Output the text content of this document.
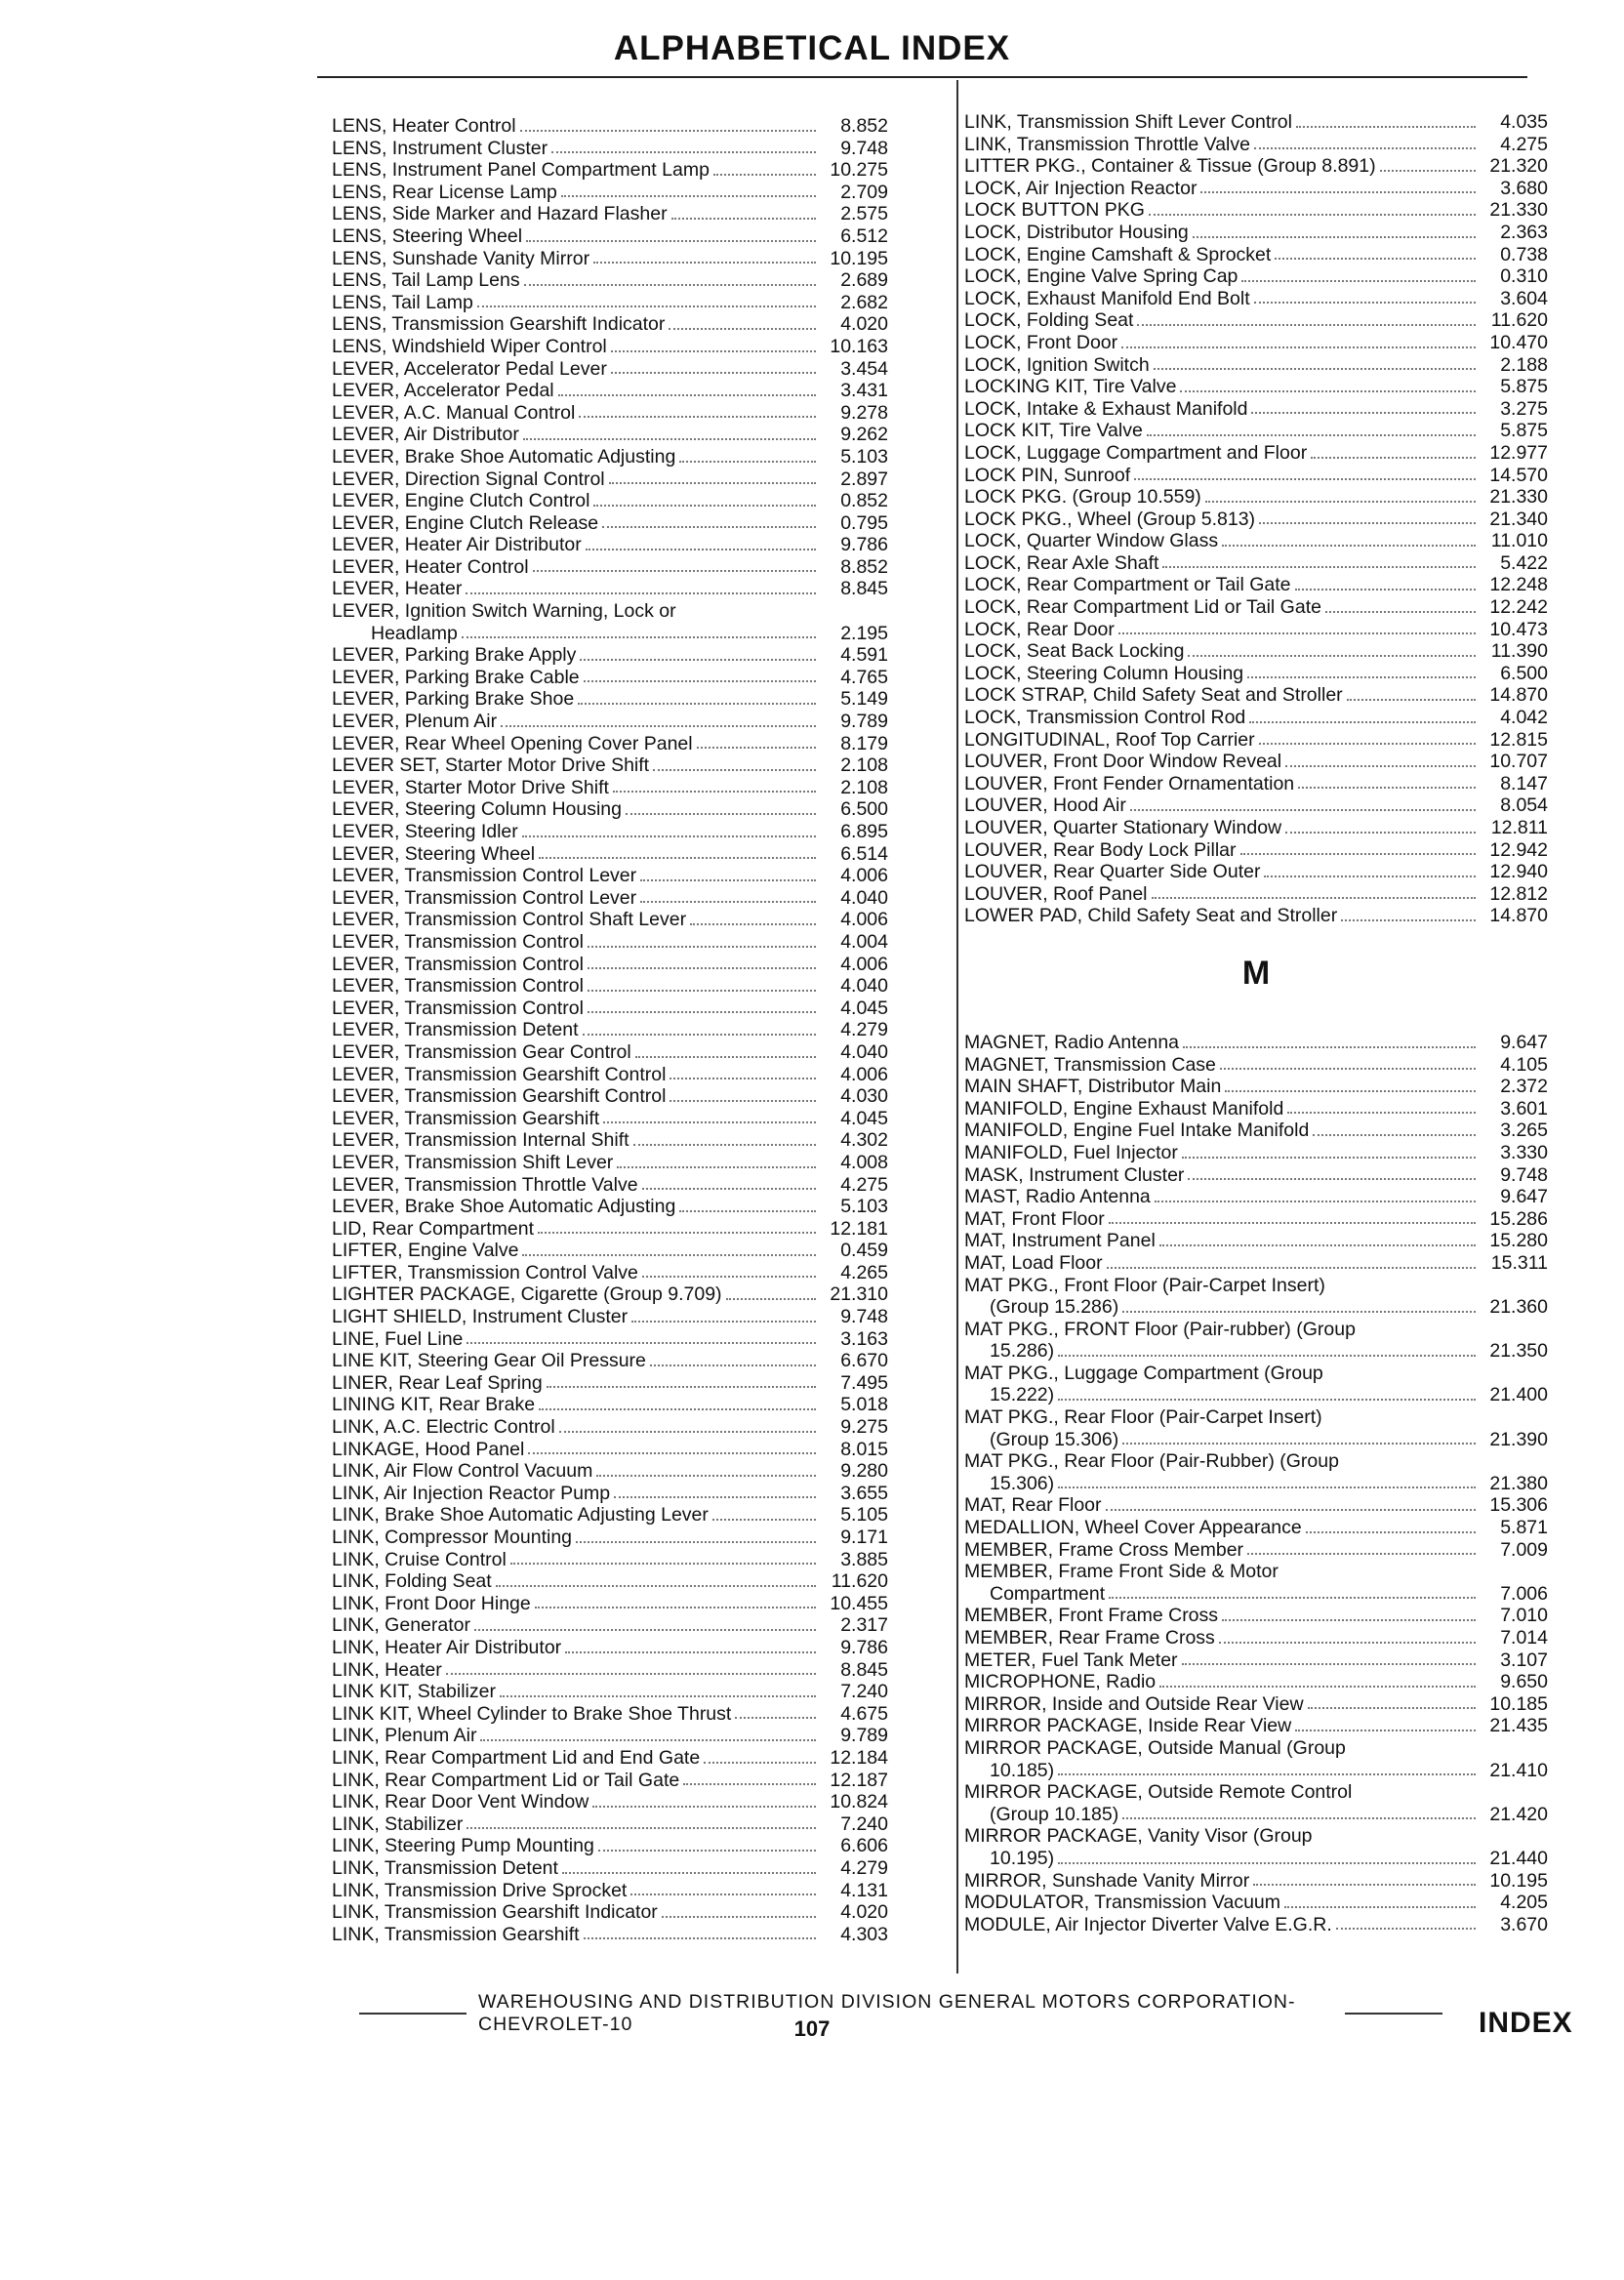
ALPHABETICAL INDEX
LENS, Heater Control	8.852
LENS, Instrument Cluster	9.748
LENS, Instrument Panel Compartment Lamp	10.275
LENS, Rear License Lamp	2.709
LENS, Side Marker and Hazard Flasher	2.575
LENS, Steering Wheel	6.512
LENS, Sunshade Vanity Mirror	10.195
LENS, Tail Lamp Lens	2.689
LENS, Tail Lamp	2.682
LENS, Transmission Gearshift Indicator	4.020
LENS, Windshield Wiper Control	10.163
LEVER, Accelerator Pedal Lever	3.454
LEVER, Accelerator Pedal	3.431
LEVER, A.C. Manual Control	9.278
LEVER, Air Distributor	9.262
LEVER, Brake Shoe Automatic Adjusting	5.103
LEVER, Direction Signal Control	2.897
LEVER, Engine Clutch Control	0.852
LEVER, Engine Clutch Release	0.795
LEVER, Heater Air Distributor	9.786
LEVER, Heater Control	8.852
LEVER, Heater	8.845
LEVER, Ignition Switch Warning, Lock or
Headlamp	2.195
LEVER, Parking Brake Apply	4.591
LEVER, Parking Brake Cable	4.765
LEVER, Parking Brake Shoe	5.149
LEVER, Plenum Air	9.789
LEVER, Rear Wheel Opening Cover Panel	8.179
LEVER SET, Starter Motor Drive Shift	2.108
LEVER, Starter Motor Drive Shift	2.108
LEVER, Steering Column Housing	6.500
LEVER, Steering Idler	6.895
LEVER, Steering Wheel	6.514
LEVER, Transmission Control Lever	4.006
LEVER, Transmission Control Lever	4.040
LEVER, Transmission Control Shaft Lever	4.006
LEVER, Transmission Control	4.004
LEVER, Transmission Control	4.006
LEVER, Transmission Control	4.040
LEVER, Transmission Control	4.045
LEVER, Transmission Detent	4.279
LEVER, Transmission Gear Control	4.040
LEVER, Transmission Gearshift Control	4.006
LEVER, Transmission Gearshift Control	4.030
LEVER, Transmission Gearshift	4.045
LEVER, Transmission Internal Shift	4.302
LEVER, Transmission Shift Lever	4.008
LEVER, Transmission Throttle Valve	4.275
LEVER, Brake Shoe Automatic Adjusting	5.103
LID, Rear Compartment	12.181
LIFTER, Engine Valve	0.459
LIFTER, Transmission Control Valve	4.265
LIGHTER PACKAGE, Cigarette (Group 9.709)	21.310
LIGHT SHIELD, Instrument Cluster	9.748
LINE, Fuel Line	3.163
LINE KIT, Steering Gear Oil Pressure	6.670
LINER, Rear Leaf Spring	7.495
LINING KIT, Rear Brake	5.018
LINK, A.C. Electric Control	9.275
LINKAGE, Hood Panel	8.015
LINK, Air Flow Control Vacuum	9.280
LINK, Air Injection Reactor Pump	3.655
LINK, Brake Shoe Automatic Adjusting Lever	5.105
LINK, Compressor Mounting	9.171
LINK, Cruise Control	3.885
LINK, Folding Seat	11.620
LINK, Front Door Hinge	10.455
LINK, Generator	2.317
LINK, Heater Air Distributor	9.786
LINK, Heater	8.845
LINK KIT, Stabilizer	7.240
LINK KIT, Wheel Cylinder to Brake Shoe Thrust	4.675
LINK, Plenum Air	9.789
LINK, Rear Compartment Lid and End Gate	12.184
LINK, Rear Compartment Lid or Tail Gate	12.187
LINK, Rear Door Vent Window	10.824
LINK, Stabilizer	7.240
LINK, Steering Pump Mounting	6.606
LINK, Transmission Detent	4.279
LINK, Transmission Drive Sprocket	4.131
LINK, Transmission Gearshift Indicator	4.020
LINK, Transmission Gearshift	4.303
LINK, Transmission Shift Lever Control	4.035
LINK, Transmission Throttle Valve	4.275
LITTER PKG., Container & Tissue (Group 8.891)	21.320
LOCK, Air Injection Reactor	3.680
LOCK BUTTON PKG	21.330
LOCK, Distributor Housing	2.363
LOCK, Engine Camshaft & Sprocket	0.738
LOCK, Engine Valve Spring Cap	0.310
LOCK, Exhaust Manifold End Bolt	3.604
LOCK, Folding Seat	11.620
LOCK, Front Door	10.470
LOCK, Ignition Switch	2.188
LOCKING KIT, Tire Valve	5.875
LOCK, Intake & Exhaust Manifold	3.275
LOCK KIT, Tire Valve	5.875
LOCK, Luggage Compartment and Floor	12.977
LOCK PIN, Sunroof	14.570
LOCK PKG. (Group 10.559)	21.330
LOCK PKG., Wheel (Group 5.813)	21.340
LOCK, Quarter Window Glass	11.010
LOCK, Rear Axle Shaft	5.422
LOCK, Rear Compartment or Tail Gate	12.248
LOCK, Rear Compartment Lid or Tail Gate	12.242
LOCK, Rear Door	10.473
LOCK, Seat Back Locking	11.390
LOCK, Steering Column Housing	6.500
LOCK STRAP, Child Safety Seat and Stroller	14.870
LOCK, Transmission Control Rod	4.042
LONGITUDINAL, Roof Top Carrier	12.815
LOUVER, Front Door Window Reveal	10.707
LOUVER, Front Fender Ornamentation	8.147
LOUVER, Hood Air	8.054
LOUVER, Quarter Stationary Window	12.811
LOUVER, Rear Body Lock Pillar	12.942
LOUVER, Rear Quarter Side Outer	12.940
LOUVER, Roof Panel	12.812
LOWER PAD, Child Safety Seat and Stroller	14.870
M
MAGNET, Radio Antenna	9.647
MAGNET, Transmission Case	4.105
MAIN SHAFT, Distributor Main	2.372
MANIFOLD, Engine Exhaust Manifold	3.601
MANIFOLD, Engine Fuel Intake Manifold	3.265
MANIFOLD, Fuel Injector	3.330
MASK, Instrument Cluster	9.748
MAST, Radio Antenna	9.647
MAT, Front Floor	15.286
MAT, Instrument Panel	15.280
MAT, Load Floor	15.311
MAT PKG., Front Floor (Pair-Carpet Insert)
(Group 15.286)	21.360
MAT PKG., FRONT Floor (Pair-rubber) (Group
15.286)	21.350
MAT PKG., Luggage Compartment (Group
15.222)	21.400
MAT PKG., Rear Floor (Pair-Carpet Insert)
(Group 15.306)	21.390
MAT PKG., Rear Floor (Pair-Rubber) (Group
15.306)	21.380
MAT, Rear Floor	15.306
MEDALLION, Wheel Cover Appearance	5.871
MEMBER, Frame Cross Member	7.009
MEMBER, Frame Front Side & Motor
Compartment	7.006
MEMBER, Front Frame Cross	7.010
MEMBER, Rear Frame Cross	7.014
METER, Fuel Tank Meter	3.107
MICROPHONE, Radio	9.650
MIRROR, Inside and Outside Rear View	10.185
MIRROR PACKAGE, Inside Rear View	21.435
MIRROR PACKAGE, Outside Manual (Group
10.185)	21.410
MIRROR PACKAGE, Outside Remote Control
(Group 10.185)	21.420
MIRROR PACKAGE, Vanity Visor (Group
10.195)	21.440
MIRROR, Sunshade Vanity Mirror	10.195
MODULATOR, Transmission Vacuum	4.205
MODULE, Air Injector Diverter Valve E.G.R.	3.670
WAREHOUSING AND DISTRIBUTION DIVISION GENERAL MOTORS CORPORATION-CHEVROLET-10	107	INDEX
